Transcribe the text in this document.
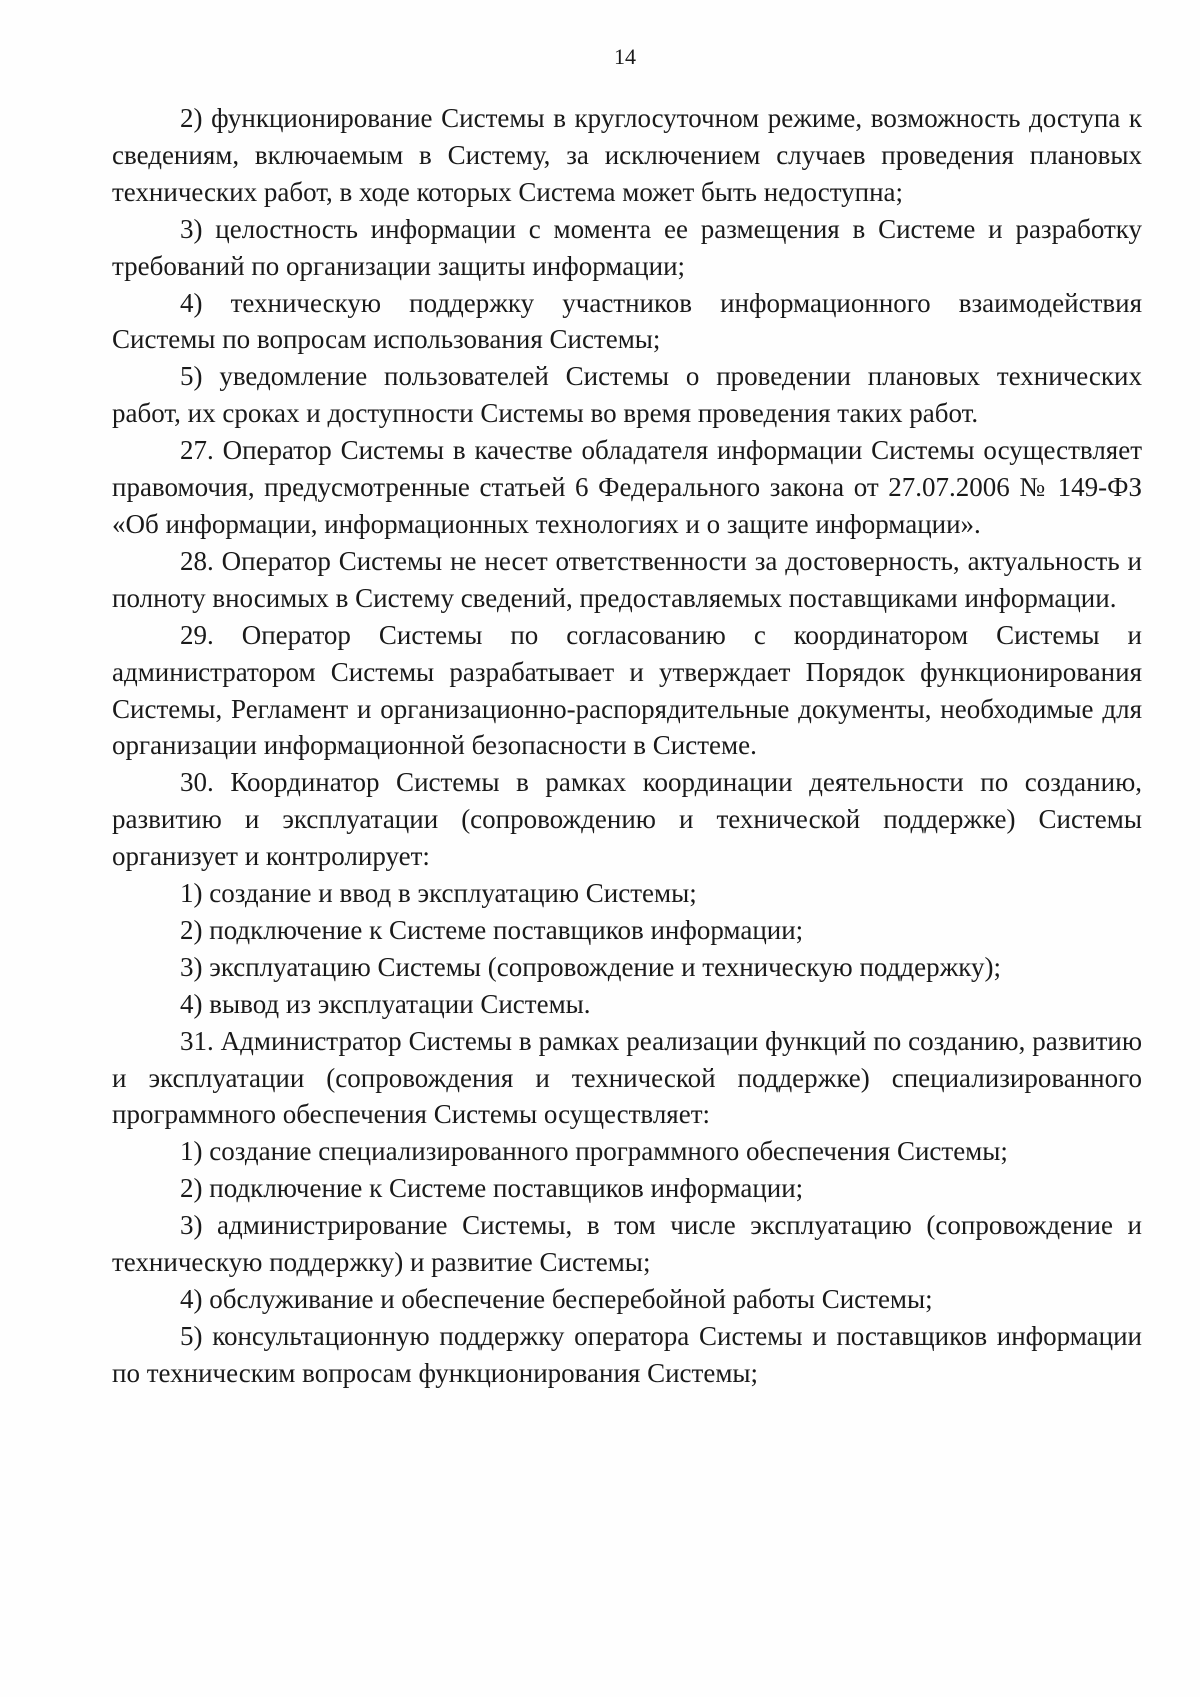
14

2) функционирование Системы в круглосуточном режиме, возможность доступа к сведениям, включаемым в Систему, за исключением случаев проведения плановых технических работ, в ходе которых Система может быть недоступна;

3) целостность информации с момента ее размещения в Системе и разработку требований по организации защиты информации;

4) техническую поддержку участников информационного взаимодействия Системы по вопросам использования Системы;

5) уведомление пользователей Системы о проведении плановых технических работ, их сроках и доступности Системы во время проведения таких работ.

27. Оператор Системы в качестве обладателя информации Системы осуществляет правомочия, предусмотренные статьей 6 Федерального закона от 27.07.2006 № 149-ФЗ «Об информации, информационных технологиях и о защите информации».

28. Оператор Системы не несет ответственности за достоверность, актуальность и полноту вносимых в Систему сведений, предоставляемых поставщиками информации.

29. Оператор Системы по согласованию с координатором Системы и администратором Системы разрабатывает и утверждает Порядок функционирования Системы, Регламент и организационно-распорядительные документы, необходимые для организации информационной безопасности в Системе.

30. Координатор Системы в рамках координации деятельности по созданию, развитию и эксплуатации (сопровождению и технической поддержке) Системы организует и контролирует:

1) создание и ввод в эксплуатацию Системы;

2) подключение к Системе поставщиков информации;

3) эксплуатацию Системы (сопровождение и техническую поддержку);

4) вывод из эксплуатации Системы.

31. Администратор Системы в рамках реализации функций по созданию, развитию и эксплуатации (сопровождения и технической поддержке) специализированного программного обеспечения Системы осуществляет:

1) создание специализированного программного обеспечения Системы;

2) подключение к Системе поставщиков информации;

3) администрирование Системы, в том числе эксплуатацию (сопровождение и техническую поддержку) и развитие Системы;

4) обслуживание и обеспечение бесперебойной работы Системы;

5) консультационную поддержку оператора Системы и поставщиков информации по техническим вопросам функционирования Системы;
